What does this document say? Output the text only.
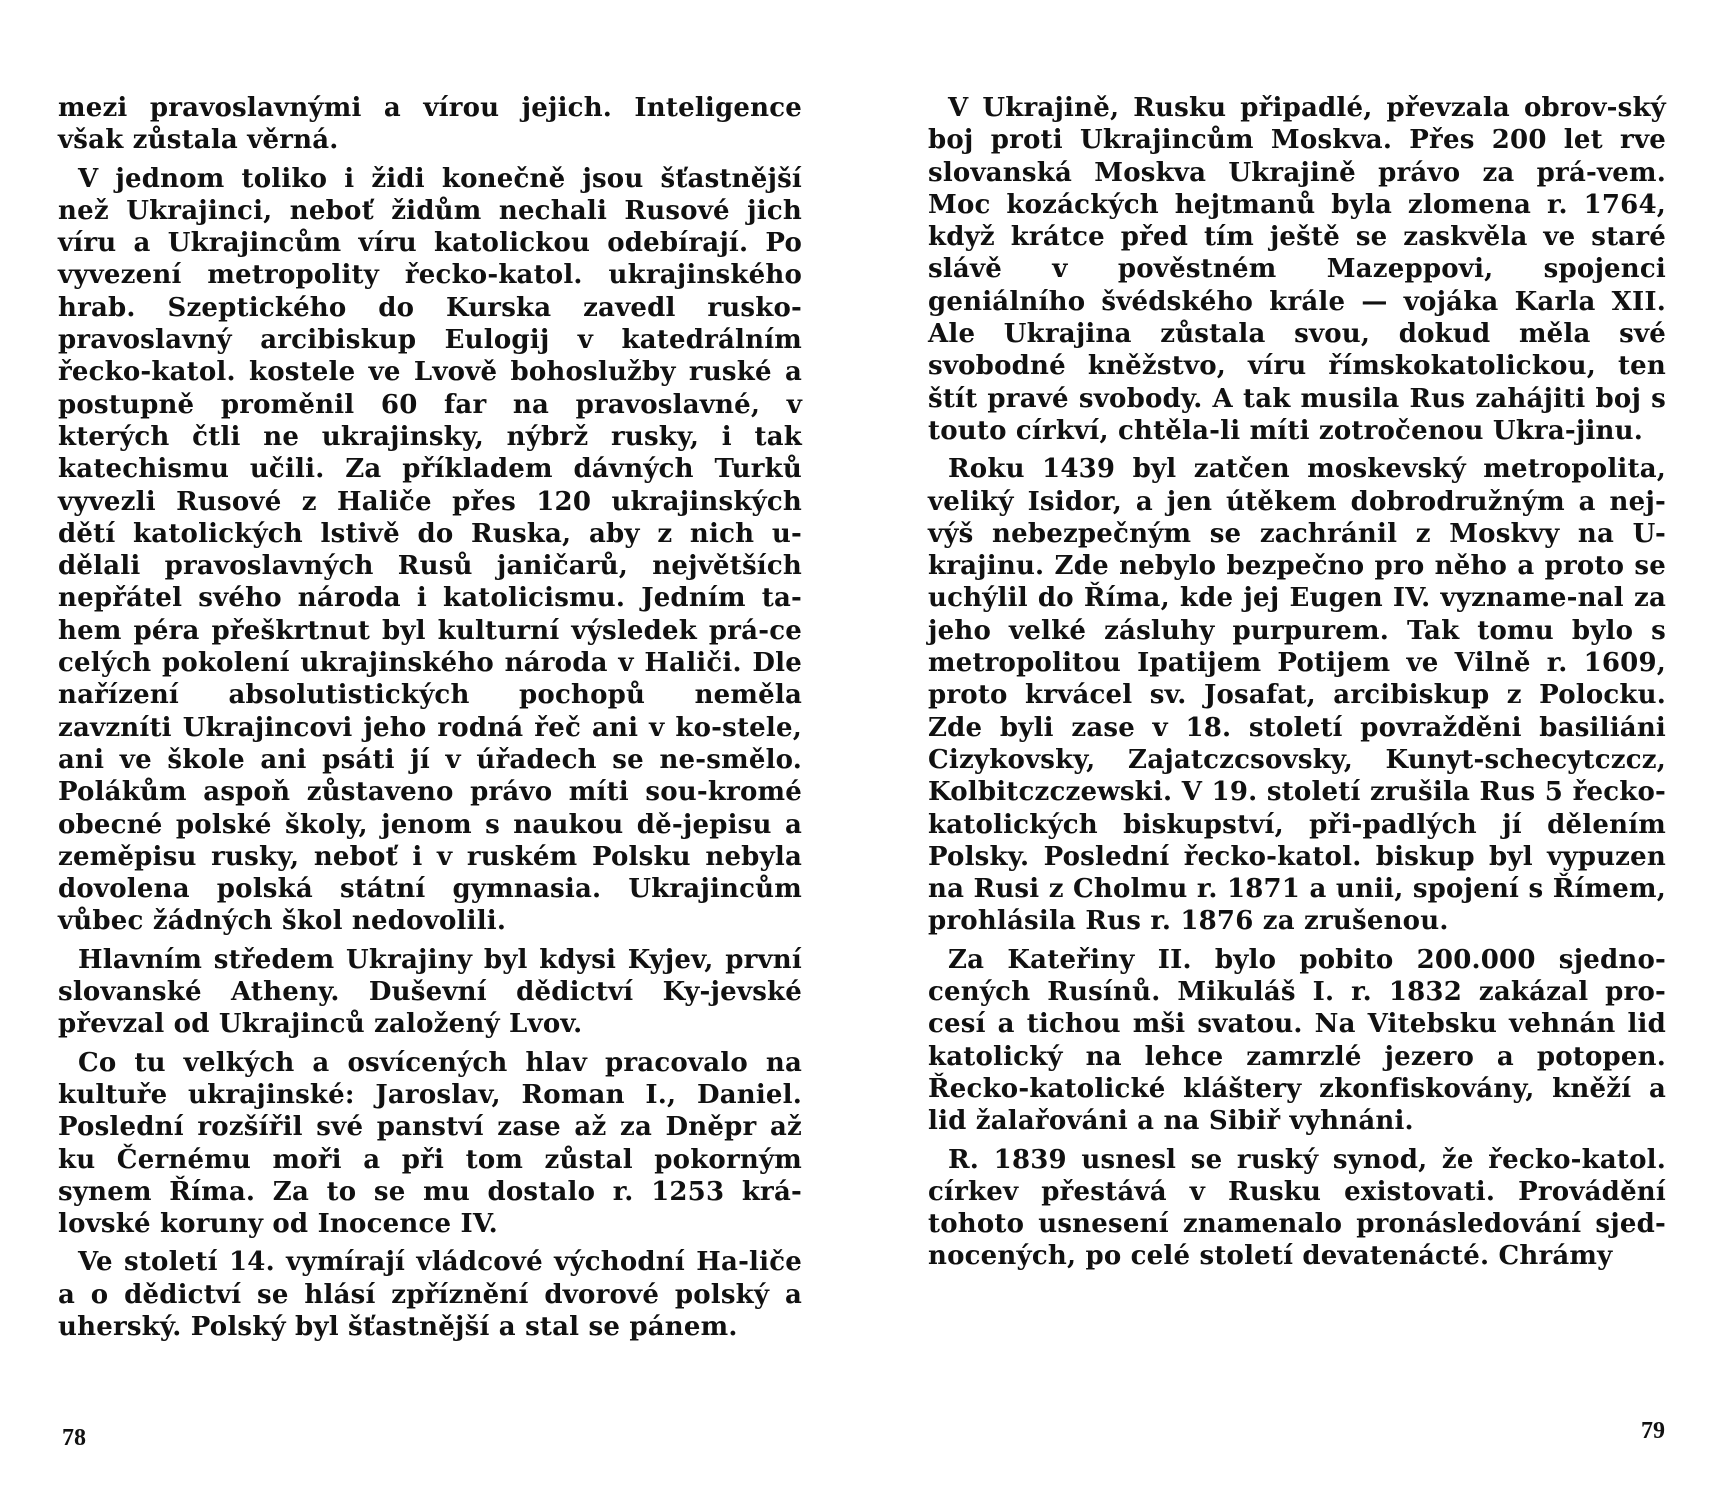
mezi pravoslavnými a vírou jejich. Inteligence však zůstala věrná.

V jednom toliko i židi konečně jsou šťastnější než Ukrajinci, neboť židům nechali Rusové jich víru a Ukrajincům víru katolickou odebírají. Po vyvezení metropolity řecko-katol. ukrajinského hrab. Szeptického do Kurska zavedl rusko-pravoslavný arcibiskup Eulogij v katedrálním řecko-katol. kostele ve Lvově bohoslužby ruské a postupně proměnil 60 far na pravoslavné, v kterých čtli ne ukrajinsky, nýbrž rusky, i tak katechismu učili. Za příkladem dávných Turků vyvezli Rusové z Haliče přes 120 ukrajinských dětí katolických lstivě do Ruska, aby z nich u-dělali pravoslavných Rusů janičarů, největších nepřátel svého národa i katolicismu. Jedním ta-hem péra přeškrtnut byl kulturní výsledek prá-ce celých pokolení ukrajinského národa v Haliči. Dle nařízení absolutistických pochopů neměla zavzníti Ukrajincovi jeho rodná řeč ani v ko-stele, ani ve škole ani psáti jí v úřadech se ne-smělo. Polákům aspoň zůstaveno právo míti sou-kromé obecné polské školy, jenom s naukou dě-jepisu a zeměpisu rusky, neboť i v ruském Polsku nebyla dovolena polská státní gymnasia. Ukrajincům vůbec žádných škol nedovolili.

Hlavním středem Ukrajiny byl kdysi Kyjev, první slovanské Atheny. Duševní dědictví Ky-jevské převzal od Ukrajinců založený Lvov.

Co tu velkých a osvícených hlav pracovalo na kultuře ukrajinské: Jaroslav, Roman I., Daniel. Poslední rozšířil své panství zase až za Dněpr až ku Černému moři a při tom zůstal pokorným synem Říma. Za to se mu dostalo r. 1253 krá-lovské koruny od Inocence IV.

Ve století 14. vymírají vládcové východní Ha-liče a o dědictví se hlásí zpříznění dvorové polský a uherský. Polský byl šťastnější a stal se pánem.

78

V Ukrajině, Rusku připadlé, převzala obrov-ský boj proti Ukrajincům Moskva. Přes 200 let rve slovanská Moskva Ukrajině právo za prá-vem. Moc kozáckých hejtmanů byla zlomena r. 1764, když krátce před tím ještě se zaskvěla ve staré slávě v pověstném Mazeppovi, spojenci geniálního švédského krále — vojáka Karla XII. Ale Ukrajina zůstala svou, dokud měla své svobodné kněžstvo, víru římskokatolickou, ten štít pravé svobody. A tak musila Rus zahájiti boj s touto církví, chtěla-li míti zotročenou Ukra-jinu.

Roku 1439 byl zatčen moskevský metropolita, veliký Isidor, a jen útěkem dobrodružným a nej-výš nebezpečným se zachránil z Moskvy na U-krajinu. Zde nebylo bezpečno pro něho a proto se uchýlil do Říma, kde jej Eugen IV. vyzname-nal za jeho velké zásluhy purpurem. Tak tomu bylo s metropolitou Ipatijem Potijem ve Vilně r. 1609, proto krvácel sv. Josafat, arcibiskup z Polocku. Zde byli zase v 18. století povražděni basiliáni Cizykovsky, Zajatczcsovsky, Kunyt-schecytczcz, Kolbitczczewski. V 19. století zrušila Rus 5 řecko-katolických biskupství, při-padlých jí dělením Polsky. Poslední řecko-katol. biskup byl vypuzen na Rusi z Cholmu r. 1871 a unii, spojení s Římem, prohlásila Rus r. 1876 za zrušenou.

Za Kateřiny II. bylo pobito 200.000 sjedno-cených Rusínů. Mikuláš I. r. 1832 zakázal pro-cesí a tichou mši svatou. Na Vitebsku vehnán lid katolický na lehce zamrzlé jezero a potopen. Řecko-katolické kláštery zkonfiskovány, kněží a lid žalařováni a na Sibiř vyhnáni.

R. 1839 usnesl se ruský synod, že řecko-katol. církev přestává v Rusku existovati. Provádění tohoto usnesení znamenalo pronásledování sjed-nocených, po celé století devatenácté. Chrámy

79
